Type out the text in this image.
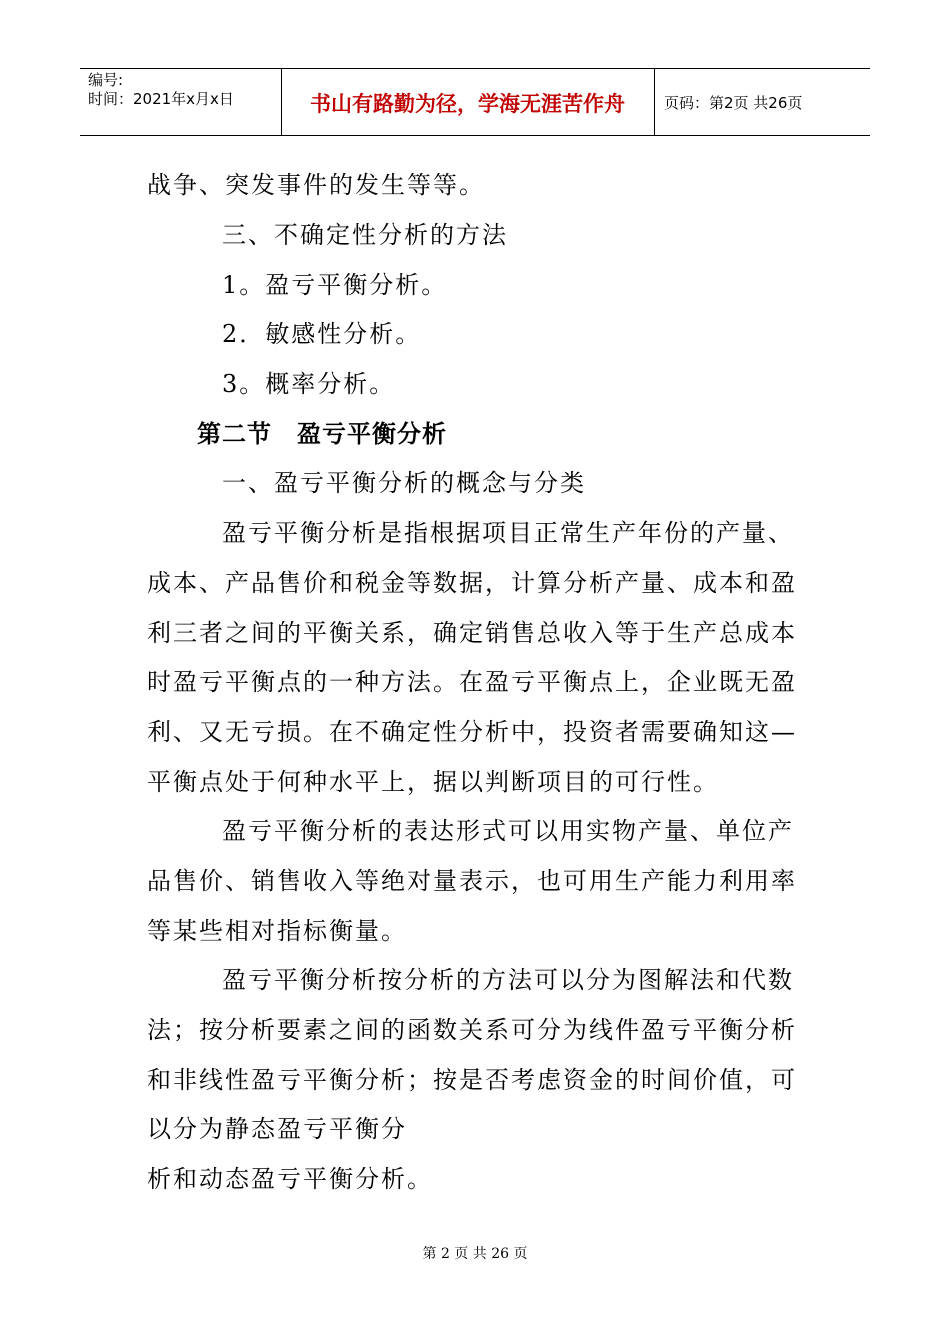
编号:
时间：2021年x月x日	书山有路勤为径，学海无涯苦作舟	页码：第2页 共26页
战争、突发事件的发生等等。
三、不确定性分析的方法
1。盈亏平衡分析。
2．敏感性分析。
3。概率分析。
第二节　盈亏平衡分析
一、盈亏平衡分析的概念与分类
盈亏平衡分析是指根据项目正常生产年份的产量、
成本、产品售价和税金等数据，计算分析产量、成本和盈
利三者之间的平衡关系，确定销售总收入等于生产总成本
时盈亏平衡点的一种方法。在盈亏平衡点上，企业既无盈
利、又无亏损。在不确定性分析中，投资者需要确知这—
平衡点处于何种水平上，据以判断项目的可行性。
盈亏平衡分析的表达形式可以用实物产量、单位产
品售价、销售收入等绝对量表示，也可用生产能力利用率
等某些相对指标衡量。
盈亏平衡分析按分析的方法可以分为图解法和代数
法；按分析要素之间的函数关系可分为线件盈亏平衡分析
和非线性盈亏平衡分析；按是否考虑资金的时间价值，可
以分为静态盈亏平衡分
析和动态盈亏平衡分析。
第 2 页 共 26 页
